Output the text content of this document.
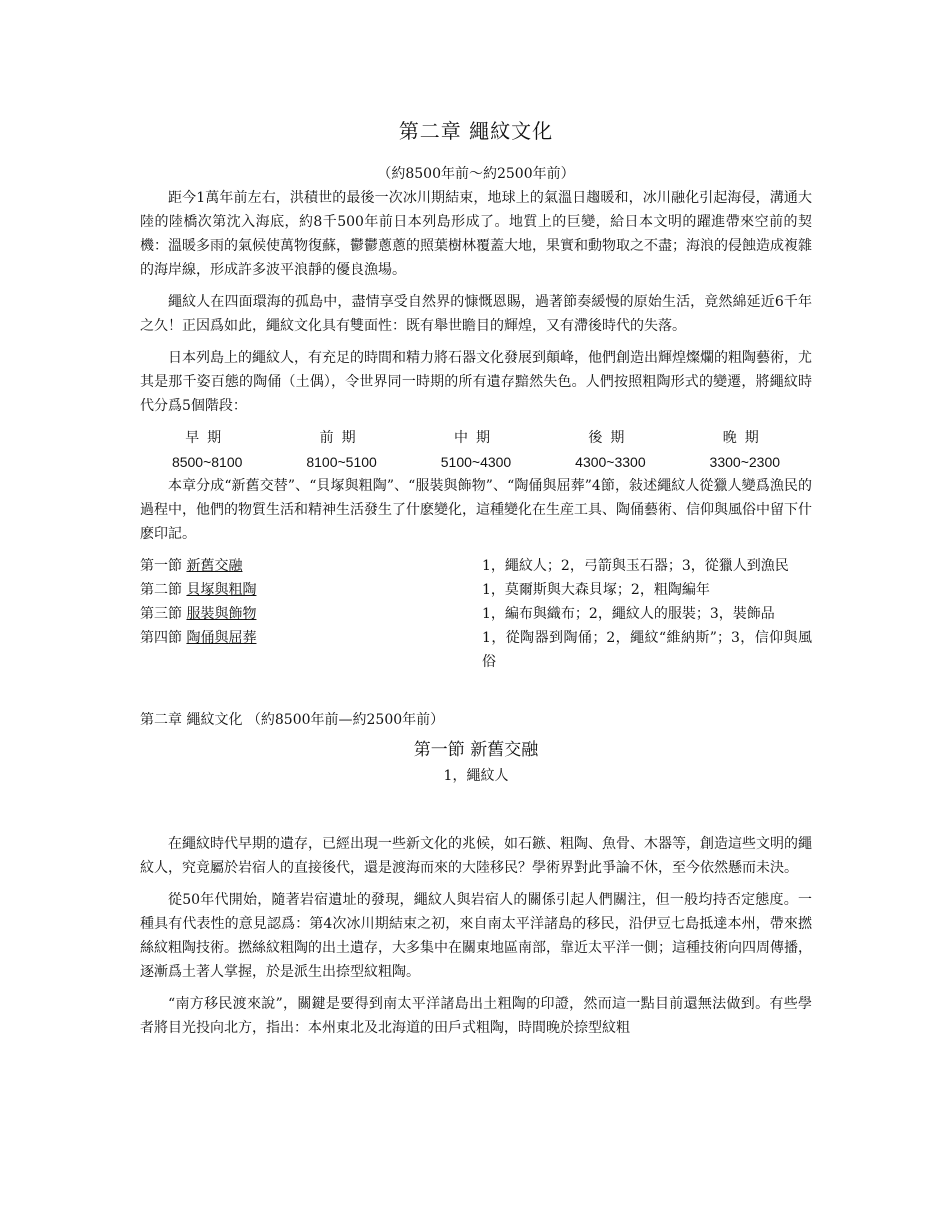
第二章 繩紋文化
（約8500年前～約2500年前）

距今1萬年前左右，洪積世的最後一次冰川期結束，地球上的氣溫日趨暖和，冰川融化引起海侵，溝通大陸的陸橋次第沈入海底，約8千500年前日本列島形成了。地質上的巨變，給日本文明的躍進帶來空前的契機：溫暖多雨的氣候使萬物復蘇，鬱鬱蔥蔥的照葉樹林覆蓋大地，果實和動物取之不盡；海浪的侵蝕造成複雜的海岸線，形成許多波平浪靜的優良漁場。

繩紋人在四面環海的孤島中，盡情享受自然界的慷慨恩賜，過著節奏緩慢的原始生活，竟然綿延近6千年之久！正因爲如此，繩紋文化具有雙面性：既有舉世瞻目的輝煌，又有滯後時代的失落。

日本列島上的繩紋人，有充足的時間和精力將石器文化發展到顛峰，他們創造出輝煌燦爛的粗陶藝術，尤其是那千姿百態的陶俑（土偶），令世界同一時期的所有遺存黯然失色。人們按照粗陶形式的變遷，將繩紋時代分爲5個階段：

早期	前期	中期	後期	晚期
8500~8100	8100~5100	5100~4300	4300~3300	3300~2300

本章分成“新舊交替”、“貝塚與粗陶”、“服裝與飾物”、“陶俑與屈葬”4節，敍述繩紋人從獵人變爲漁民的過程中，他們的物質生活和精神生活發生了什麽變化，這種變化在生産工具、陶俑藝術、信仰與風俗中留下什麽印記。

第一節 新舊交融	1，繩紋人；2，弓箭與玉石器；3，從獵人到漁民
第二節 貝塚與粗陶	1，莫爾斯與大森貝塚；2，粗陶編年
第三節 服裝與飾物	1，編布與織布；2，繩紋人的服裝；3，裝飾品
第四節 陶俑與屈葬	1，從陶器到陶俑；2，繩紋“維納斯”；3，信仰與風俗
第二章 繩紋文化 （約8500年前—約2500年前）
第一節 新舊交融
1，繩紋人

在繩紋時代早期的遺存，已經出現一些新文化的兆候，如石鏃、粗陶、魚骨、木器等，創造這些文明的繩紋人，究竟屬於岩宿人的直接後代，還是渡海而來的大陸移民？學術界對此爭論不休，至今依然懸而未決。

從50年代開始，隨著岩宿遺址的發現，繩紋人與岩宿人的關係引起人們關注，但一般均持否定態度。一種具有代表性的意見認爲：第4次冰川期結束之初，來自南太平洋諸島的移民，沿伊豆七島抵達本州，帶來撚絲紋粗陶技術。撚絲紋粗陶的出土遺存，大多集中在關東地區南部，靠近太平洋一側；這種技術向四周傳播，逐漸爲土著人掌握，於是派生出捺型紋粗陶。

“南方移民渡來說”，關鍵是要得到南太平洋諸島出土粗陶的印證，然而這一點目前還無法做到。有些學者將目光投向北方，指出：本州東北及北海道的田戶式粗陶，時間晚於捺型紋粗
